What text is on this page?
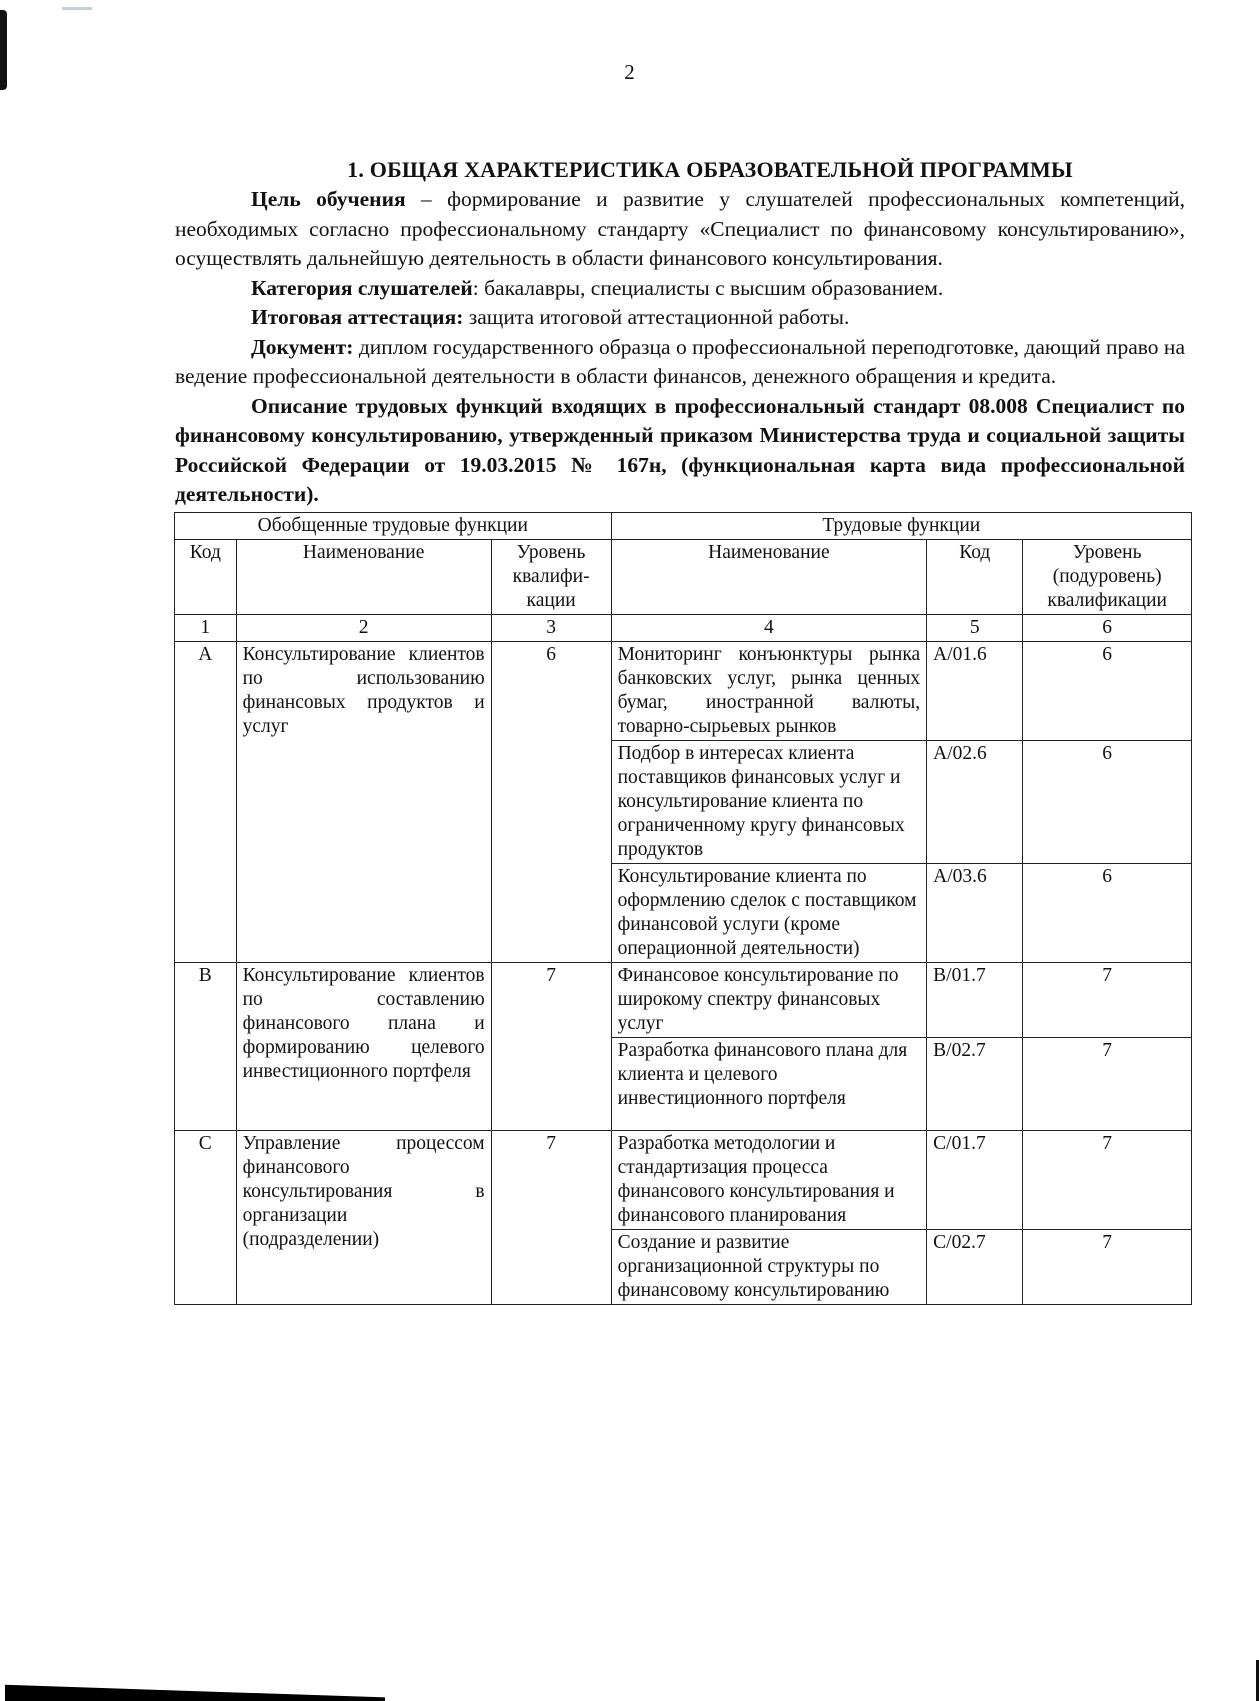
2
1. ОБЩАЯ ХАРАКТЕРИСТИКА ОБРАЗОВАТЕЛЬНОЙ ПРОГРАММЫ

Цель обучения – формирование и развитие у слушателей профессиональных компетенций, необходимых согласно профессиональному стандарту «Специалист по финансовому консультированию», осуществлять дальнейшую деятельность в области финансового консультирования.

Категория слушателей: бакалавры, специалисты с высшим образованием.

Итоговая аттестация: защита итоговой аттестационной работы.

Документ: диплом государственного образца о профессиональной переподготовке, дающий право на ведение профессиональной деятельности в области финансов, денежного обращения и кредита.

Описание трудовых функций входящих в профессиональный стандарт 08.008 Специалист по финансовому консультированию, утвержденный приказом Министерства труда и социальной защиты Российской Федерации от 19.03.2015 № 167н, (функциональная карта вида профессиональной деятельности).

Обобщенные трудовые функции			Трудовые функции		
Код	Наименование	Уровень квалифи-кации	Наименование	Код	Уровень (подуровень) квалификации
1	2	3	4	5	6
A	Консультирование клиентов по использованию финансовых продуктов и услуг	6	Мониторинг конъюнктуры рынка банковских услуг, рынка ценных бумаг, иностранной валюты, товарно-сырьевых рынков	A/01.6	6
			Подбор в интересах клиента поставщиков финансовых услуг и консультирование клиента по ограниченному кругу финансовых продуктов	A/02.6	6
			Консультирование клиента по оформлению сделок с поставщиком финансовой услуги (кроме операционной деятельности)	A/03.6	6
B	Консультирование клиентов по составлению финансового плана и формированию целевого инвестиционного портфеля	7	Финансовое консультирование по широкому спектру финансовых услуг	B/01.7	7
			Разработка финансового плана для клиента и целевого инвестиционного портфеля	B/02.7	7
C	Управление процессом финансового консультирования в организации (подразделении)	7	Разработка методологии и стандартизация процесса финансового консультирования и финансового планирования	C/01.7	7
			Создание и развитие организационной структуры по финансовому консультированию	C/02.7	7
